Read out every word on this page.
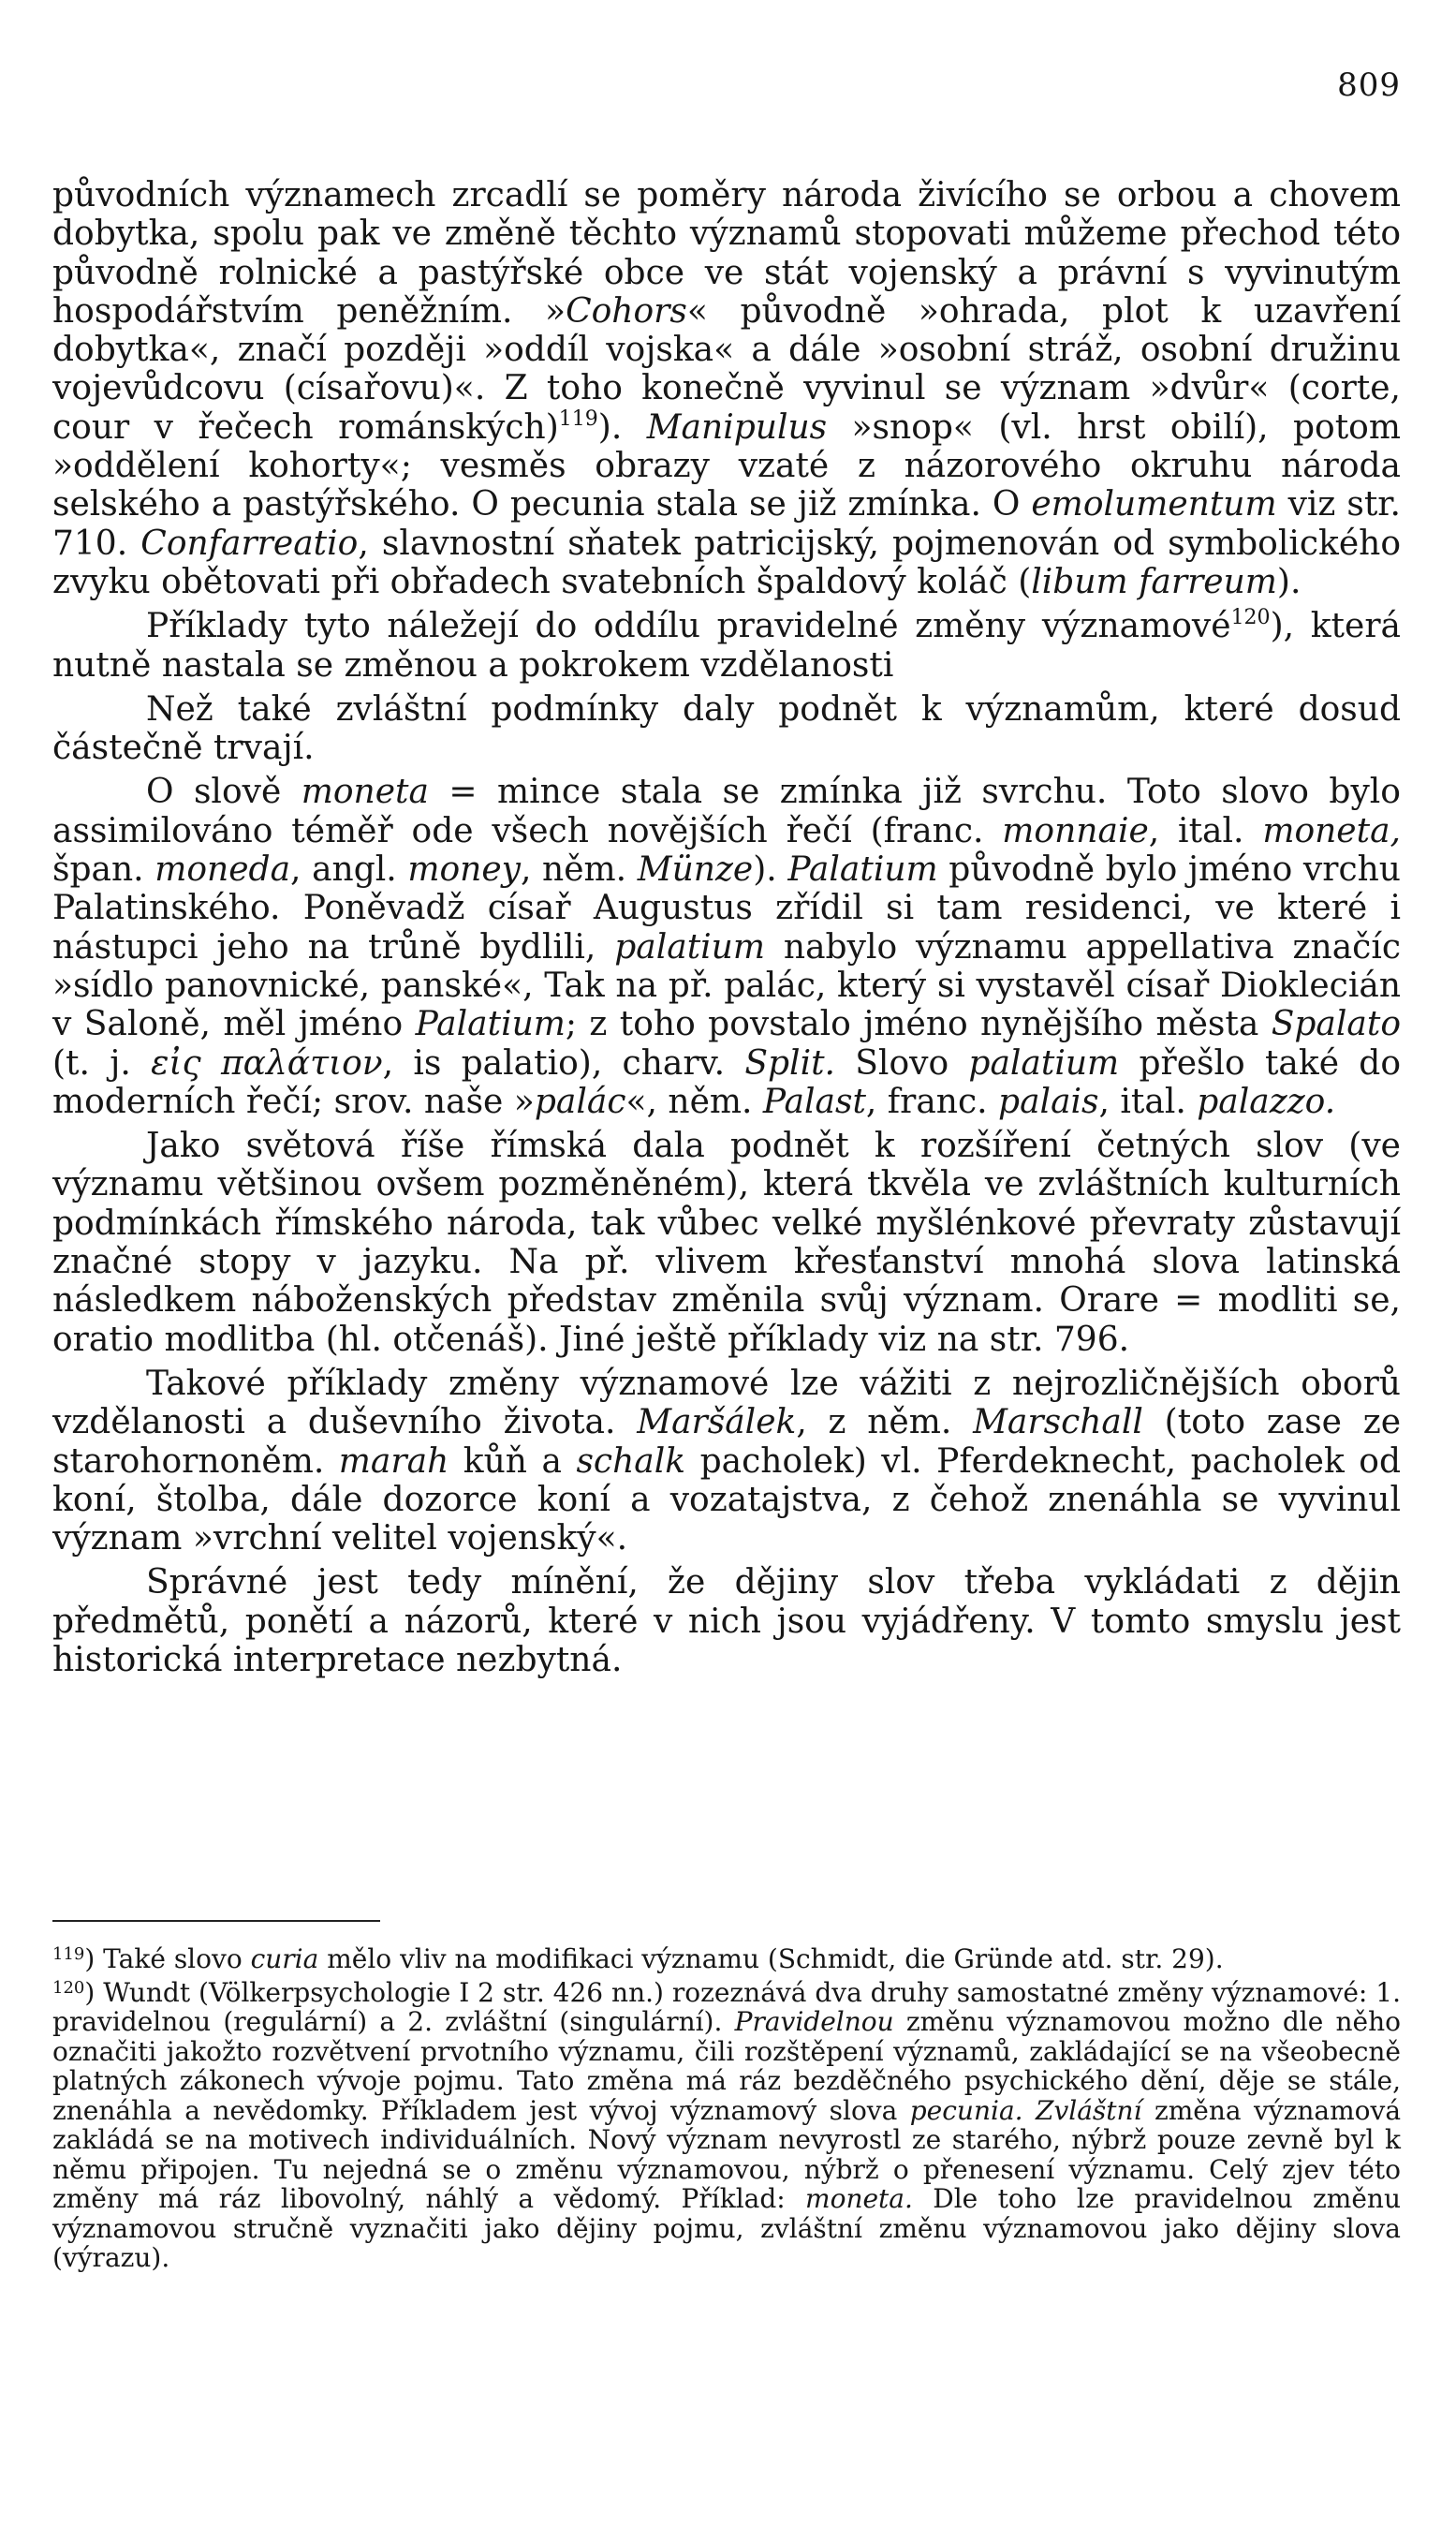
809

původních významech zrcadlí se poměry národa živícího se orbou a chovem dobytka, spolu pak ve změně těchto významů stopovati můžeme přechod této původně rolnické a pastýřské obce ve stát vojenský a právní s vyvinutým hospodářstvím peněžním. »Cohors« původně »ohrada, plot k uzavření dobytka«, značí později »oddíl vojska« a dále »osobní stráž, osobní družinu vojevůdcovu (císařovu)«. Z toho konečně vyvinul se význam »dvůr« (corte, cour v řečech románských)$^{119}$). Manipulus »snop« (vl. hrst obilí), potom »oddělení kohorty«; vesměs obrazy vzaté z názorového okruhu národa selského a pastýřského. O pecunia stala se již zmínka. O emolumentum viz str. 710. Confarreatio, slavnostní sňatek patricijský, pojmenován od symbolického zvyku obětovati při obřadech svatebních špaldový koláč (libum farreum).

Příklady tyto náležejí do oddílu pravidelné změny významové$^{120}$), která nutně nastala se změnou a pokrokem vzdělanosti

Než také zvláštní podmínky daly podnět k významům, které dosud částečně trvají.

O slově moneta = mince stala se zmínka již svrchu. Toto slovo bylo assimilováno téměř ode všech novějších řečí (franc. monnaie, ital. moneta, špan. moneda, angl. money, něm. Münze). Palatium původně bylo jméno vrchu Palatinského. Poněvadž císař Augustus zřídil si tam residenci, ve které i nástupci jeho na trůně bydlili, palatium nabylo významu appellativa značíc »sídlo panovnické, panské«, Tak na př. palác, který si vystavěl císař Dioklecián v Saloně, měl jméno Palatium; z toho povstalo jméno nynějšího města Spalato (t. j. εἰς παλάτιον, is palatio), charv. Split. Slovo palatium přešlo také do moderních řečí; srov. naše »palác«, něm. Palast, franc. palais, ital. palazzo.

Jako světová říše římská dala podnět k rozšíření četných slov (ve významu většinou ovšem pozměněném), která tkvěla ve zvláštních kulturních podmínkách římského národa, tak vůbec velké myšlénkové převraty zůstavují značné stopy v jazyku. Na př. vlivem křesťanství mnohá slova latinská následkem náboženských představ změnila svůj význam. Orare = modliti se, oratio modlitba (hl. otčenáš). Jiné ještě příklady viz na str. 796.

Takové příklady změny významové lze vážiti z nejrozličnějších oborů vzdělanosti a duševního života. Maršálek, z něm. Marschall (toto zase ze starohornoněm. marah kůň a schalk pacholek) vl. Pferdeknecht, pacholek od koní, štolba, dále dozorce koní a vozatajstva, z čehož znenáhla se vyvinul význam »vrchní velitel vojenský«.

Správné jest tedy mínění, že dějiny slov třeba vykládati z dějin předmětů, ponětí a názorů, které v nich jsou vyjádřeny. V tomto smyslu jest historická interpretace nezbytná.

$^{119}$) Také slovo curia mělo vliv na modifikaci významu (Schmidt, die Gründe atd. str. 29).

$^{120}$) Wundt (Völkerpsychologie I 2 str. 426 nn.) rozeznává dva druhy samostatné změny významové: 1. pravidelnou (regulární) a 2. zvláštní (singulární). Pravidelnou změnu významovou možno dle něho označiti jakožto rozvětvení prvotního významu, čili rozštěpení významů, zakládající se na všeobecně platných zákonech vývoje pojmu. Tato změna má ráz bezděčného psychického dění, děje se stále, znenáhla a nevědomky. Příkladem jest vývoj významový slova pecunia. Zvláštní změna významová zakládá se na motivech individuálních. Nový význam nevyrostl ze starého, nýbrž pouze zevně byl k němu připojen. Tu nejedná se o změnu významovou, nýbrž o přenesení významu. Celý zjev této změny má ráz libovolný, náhlý a vědomý. Příklad: moneta. Dle toho lze pravidelnou změnu významovou stručně vyznačiti jako dějiny pojmu, zvláštní změnu významovou jako dějiny slova (výrazu).
